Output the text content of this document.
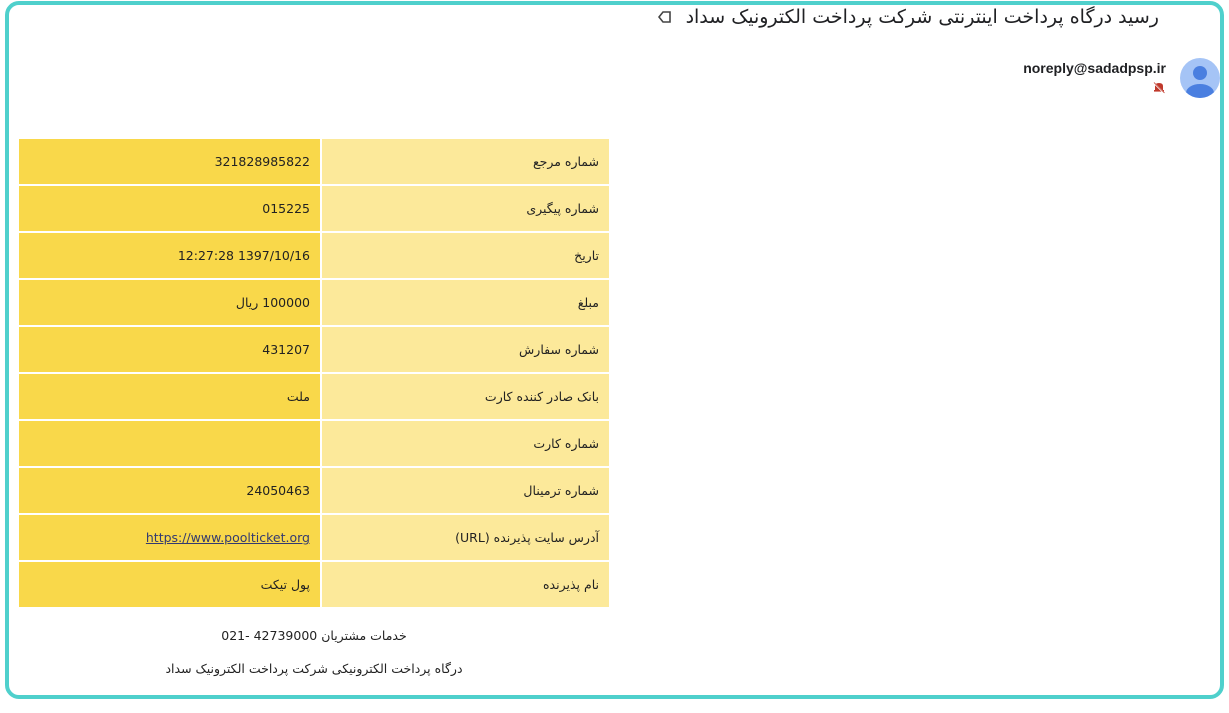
رسید درگاه پرداخت اینترنتی شرکت پرداخت الکترونیک سداد
noreply@sadadpsp.ir
شماره مرجع	321828985822
شماره پیگیری	015225
تاریخ	12:27:28 1397/10/16
مبلغ	100000 ریال
شماره سفارش	431207
بانک صادر کننده کارت	ملت
شماره کارت	
شماره ترمینال	24050463
آدرس سایت پذیرنده (URL)	https://www.poolticket.org
نام پذیرنده	پول تیکت
خدمات مشتریان 42739000 -021
درگاه پرداخت الکترونیکی شرکت پرداخت الکترونیک سداد
